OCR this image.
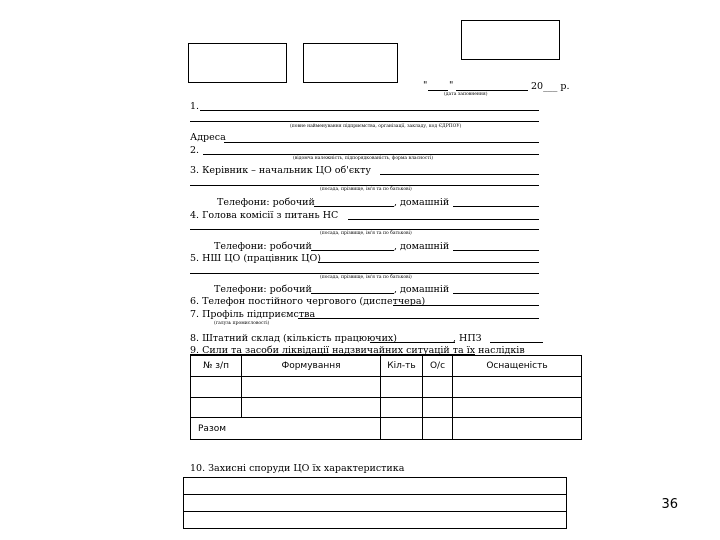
" "	20___ р.
(дата заповнення)
1.
(повне найменування підприємства, організації, закладу, код ЄДРПОУ)
Адреса
2.
(відомча належність, підпорядкованість, форма власності)
3. Керівник – начальник ЦО об'єкту
(посада, прізвище, ім'я та по батькові)
Телефони: робочий	, домашній
4. Голова комісії з питань НС
(посада, прізвище, ім'я та по батькові)
Телефони: робочий	, домашній
5. НШ ЦО (працівник ЦО)
(посада, прізвище, ім'я та по батькові)
Телефони: робочий	, домашній
6. Телефон постійного чергового (диспетчера)
7. Профіль підприємства
(галузь промисловості)
8. Штатний склад (кількість працюючих)	, НПЗ
9. Сили та засоби ліквідації надзвичайних ситуацій та їх наслідків
№ з/п	Формування	Кіл-ть	О/с	Оснащеність
Разом
10. Захисні споруди ЦО їх характеристика
36
